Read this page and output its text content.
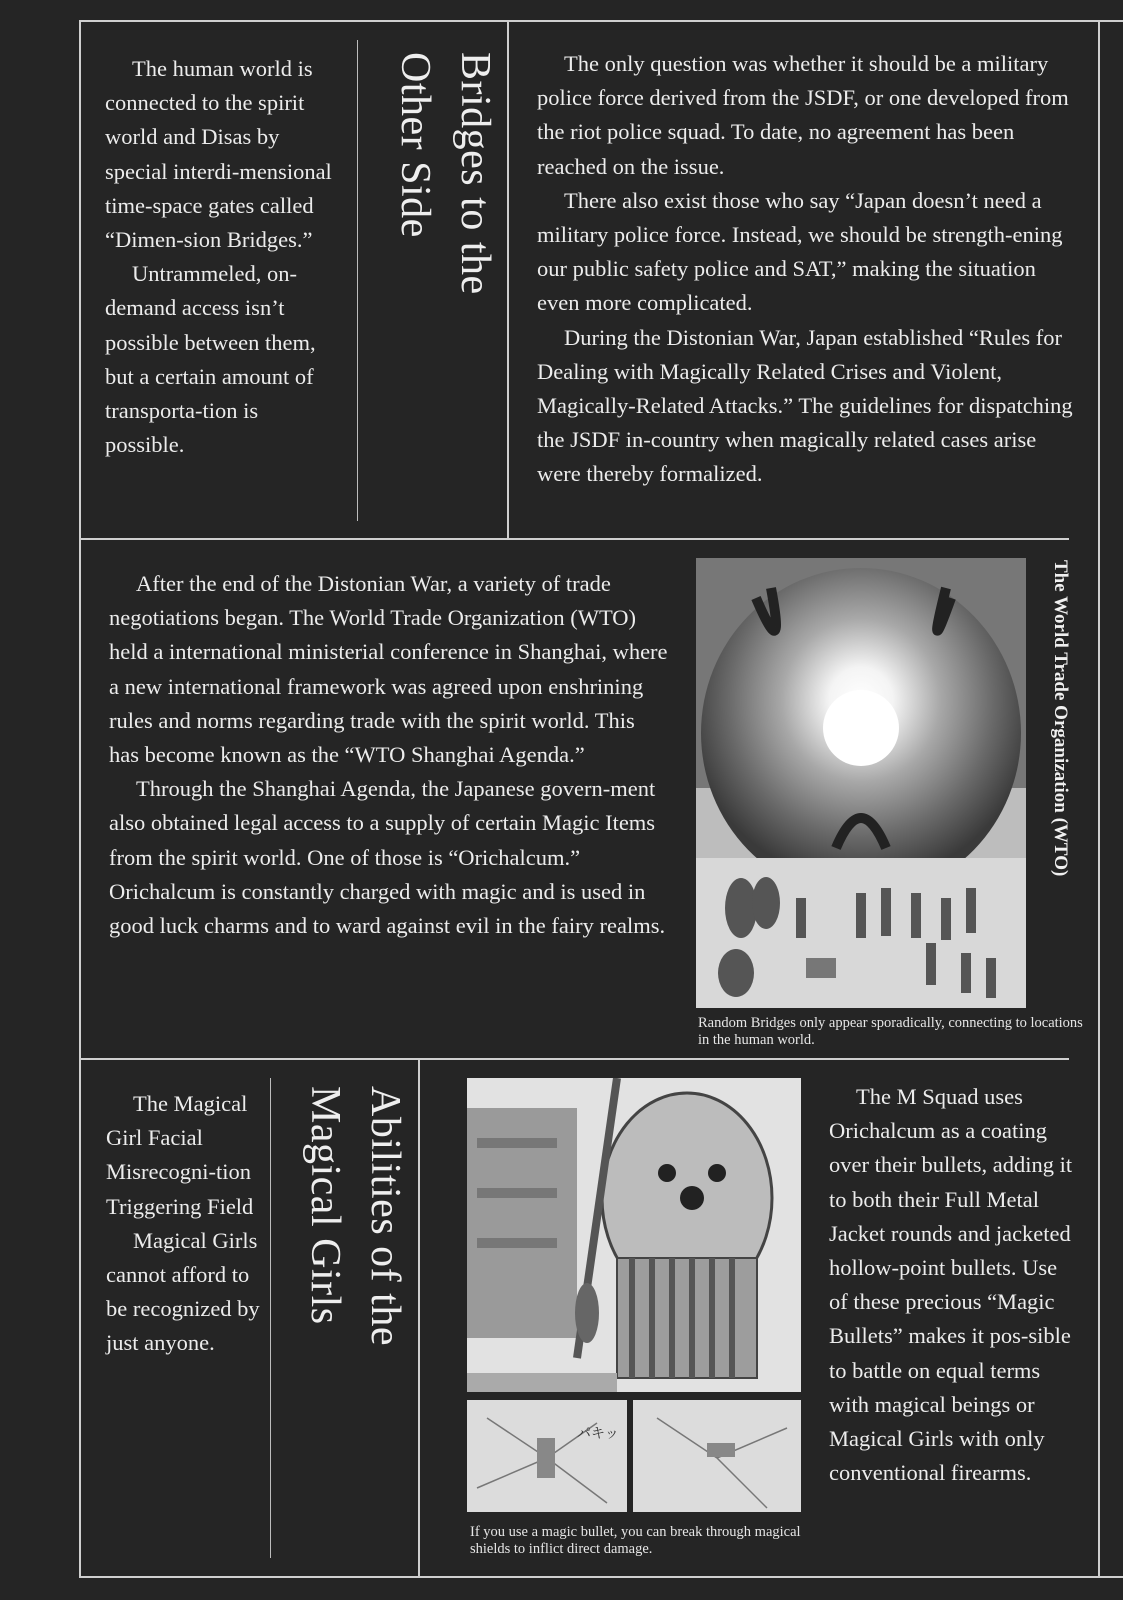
The human world is connected to the spirit world and Disas by special interdi-mensional time-space gates called “Dimen-sion Bridges.”

Untrammeled, on-demand access isn’t possible between them, but a certain amount of transporta-tion is possible.

Bridges to the
Other Side	The only question was whether it should be a military police force derived from the JSDF, or one developed from the riot police squad. To date, no agreement has been reached on the issue.

There also exist those who say “Japan doesn’t need a military police force. Instead, we should be strength-ening our public safety police and SAT,” making the situation even more complicated.

During the Distonian War, Japan established “Rules for Dealing with Magically Related Crises and Violent, Magically-Related Attacks.” The guidelines for dispatching the JSDF in-country when magically related cases arise were thereby formalized.

After the end of the Distonian War, a variety of trade negotiations began. The World Trade Organization (WTO) held a international ministerial conference in Shanghai, where a new international framework was agreed upon enshrining rules and norms regarding trade with the spirit world. This has become known as the “WTO Shanghai Agenda.”

Through the Shanghai Agenda, the Japanese govern-ment also obtained legal access to a supply of certain Magic Items from the spirit world. One of those is “Orichalcum.” Orichalcum is constantly charged with magic and is used in good luck charms and to ward against evil in the fairy realms.

The World Trade Organization (WTO)

Random Bridges only appear sporadically, connecting to locations in the human world.

The Magical Girl Facial Misrecogni-tion Triggering Field

Magical Girls cannot afford to be recognized by just anyone.	Abilities of the
Magical Girls
パキッ

If you use a magic bullet, you can break through magical shields to inflict direct damage.

The M Squad uses Orichalcum as a coating over their bullets, adding it to both their Full Metal Jacket rounds and jacketed hollow-point bullets. Use of these precious “Magic Bullets” makes it pos-sible to battle on equal terms with magical beings or Magical Girls with only conventional firearms.
